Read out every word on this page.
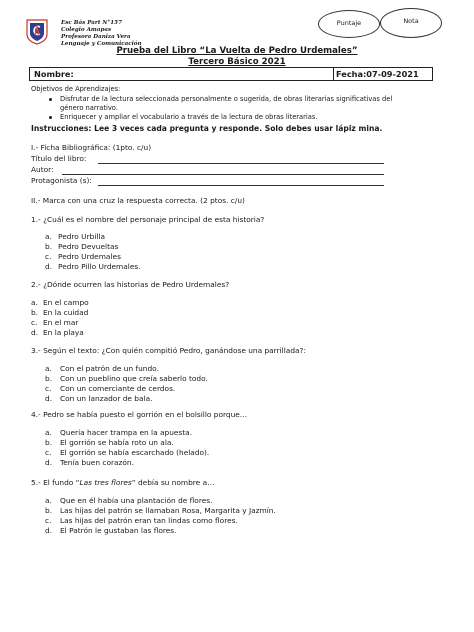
Esc Bás Part N°157
Colegio Amapas
Profesora Daniza Vera
Lenguaje y Comunicación
Puntaje	Nota
Prueba del Libro “La Vuelta de Pedro Urdemales”
Tercero Básico 2021
Nombre:	Fecha:07-09-2021
Objetivos de Aprendizajes:
Disfrutar de la lectura seleccionada personalmente o sugerida, de obras literarias significativas del
género narrativo.
Enriquecer y ampliar el vocabulario a través de la lectura de obras literarias.
Instrucciones: Lee 3 veces cada pregunta y responde. Solo debes usar lápiz mina.
I.- Ficha Bibliográfica: (1pto. c/u)
Título del libro:
Autor:
Protagonista (s):
II.- Marca con una cruz la respuesta correcta. (2 ptos. c/u)
1.- ¿Cuál es el nombre del personaje principal de esta historia?
a. Pedro Urbilla
b. Pedro Devueltas
c. Pedro Urdemales
d. Pedro Pillo Urdemales.
2.- ¿Dónde ocurren las historias de Pedro Urdemales?
a. En el campo
b. En la cuidad
c. En el mar
d. En la playa
3.- Según el texto: ¿Con quién compitió Pedro, ganándose una parrillada?:
a. Con el patrón de un fundo.
b. Con un pueblino que creía saberlo todo.
c. Con un comerciante de cerdos.
d. Con un lanzador de bala.
4.- Pedro se había puesto el gorrión en el bolsillo porque…
a. Quería hacer trampa en la apuesta.
b. El gorrión se había roto un ala.
c. El gorrión se había escarchado (helado).
d. Tenía buen corazón.
5.- El fundo “Las tres flores” debía su nombre a…
a. Que en él había una plantación de flores.
b. Las hijas del patrón se llamaban Rosa, Margarita y Jazmín.
c. Las hijas del patrón eran tan lindas como flores.
d. El Patrón le gustaban las flores.
